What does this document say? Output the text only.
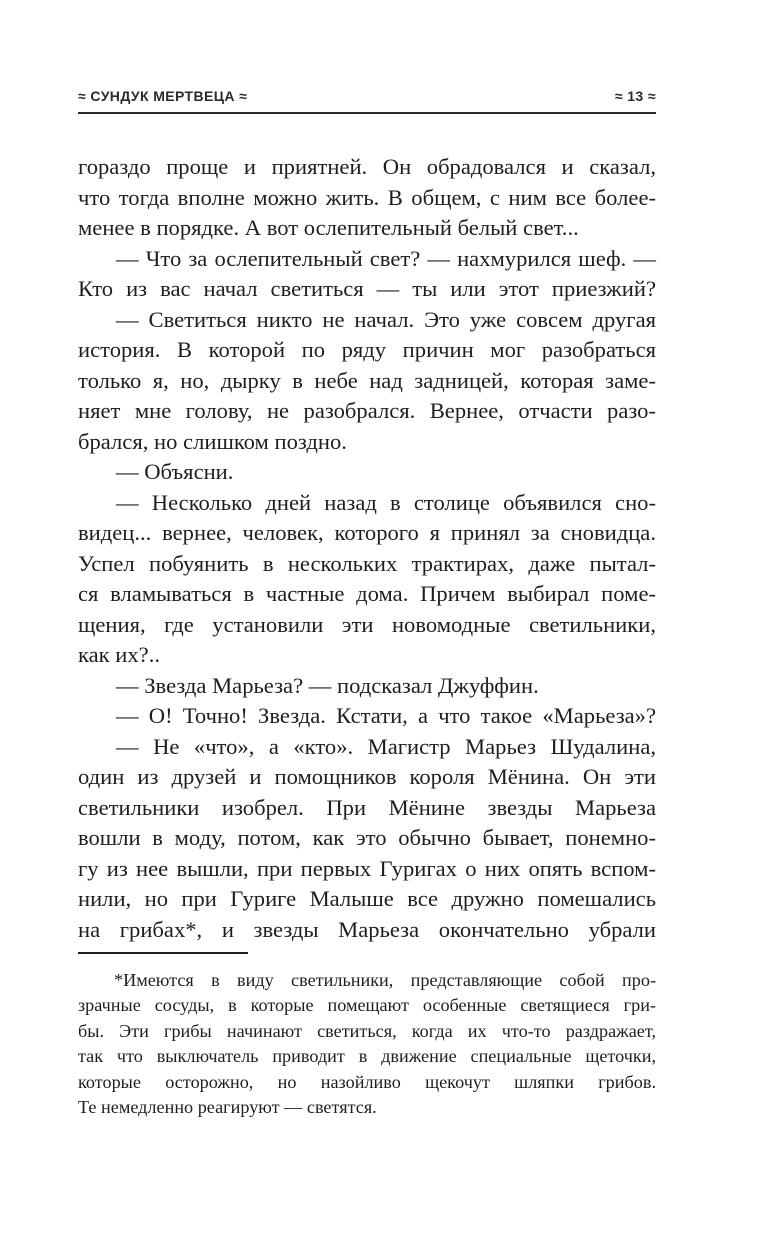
≈ СУНДУК МЕРТВЕЦА ≈	≈ 13 ≈
гораздо проще и приятней. Он обрадовался и сказал,
что тогда вполне можно жить. В общем, с ним все более-
менее в порядке. А вот ослепительный белый свет...
— Что за ослепительный свет? — нахмурился шеф. —
Кто из вас начал светиться — ты или этот приезжий?
— Светиться никто не начал. Это уже совсем другая
история. В которой по ряду причин мог разобраться
только я, но, дырку в небе над задницей, которая заме-
няет мне голову, не разобрался. Вернее, отчасти разо-
брался, но слишком поздно.
— Объясни.
— Несколько дней назад в столице объявился сно-
видец... вернее, человек, которого я принял за сновидца.
Успел побуянить в нескольких трактирах, даже пытал-
ся вламываться в частные дома. Причем выбирал поме-
щения, где установили эти новомодные светильники,
как их?..
— Звезда Марьеза? — подсказал Джуффин.
— О! Точно! Звезда. Кстати, а что такое «Марьеза»?
— Не «что», а «кто». Магистр Марьез Шудалина,
один из друзей и помощников короля Мёнина. Он эти
светильники изобрел. При Мёнине звезды Марьеза
вошли в моду, потом, как это обычно бывает, понемно-
гу из нее вышли, при первых Гуригах о них опять вспом-
нили, но при Гуриге Малыше все дружно помешались
на грибах*, и звезды Марьеза окончательно убрали
*Имеются в виду светильники, представляющие собой про-
зрачные сосуды, в которые помещают особенные светящиеся гри-
бы. Эти грибы начинают светиться, когда их что-то раздражает,
так что выключатель приводит в движение специальные щеточки,
которые осторожно, но назойливо щекочут шляпки грибов.
Те немедленно реагируют — светятся.
